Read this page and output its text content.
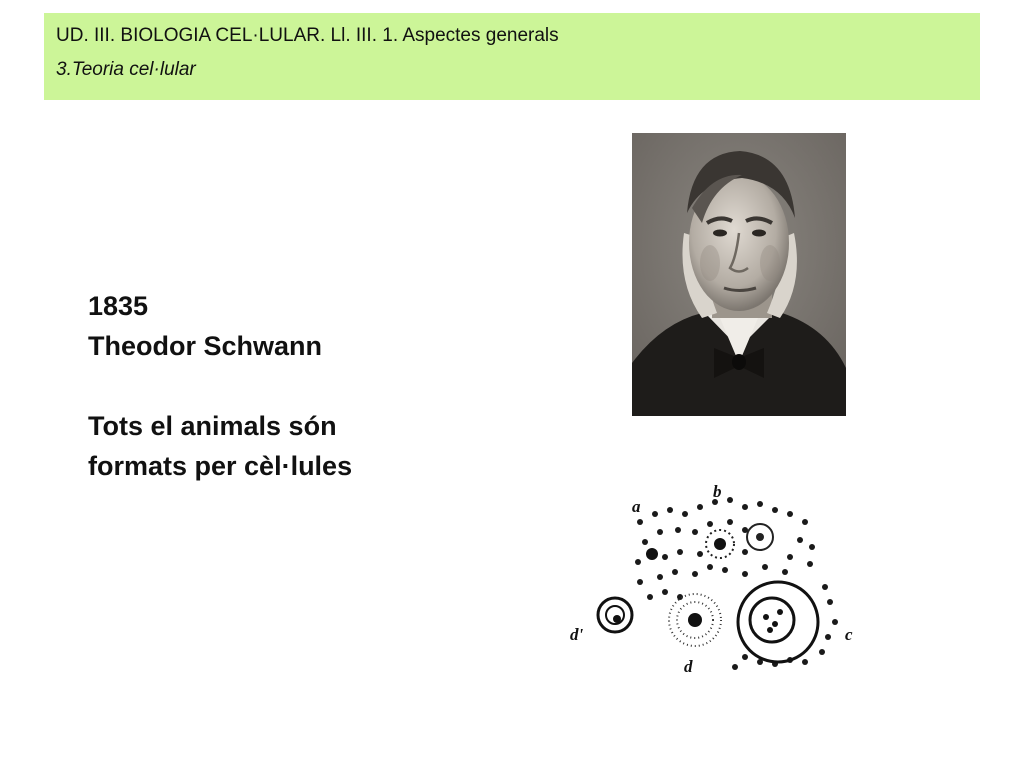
UD. III. BIOLOGIA CEL·LULAR. Ll. III. 1. Aspectes generals
3.Teoria cel·lular
1835
Theodor Schwann
Tots el animals són
formats per cèl·lules
a
b
c
d
d'
